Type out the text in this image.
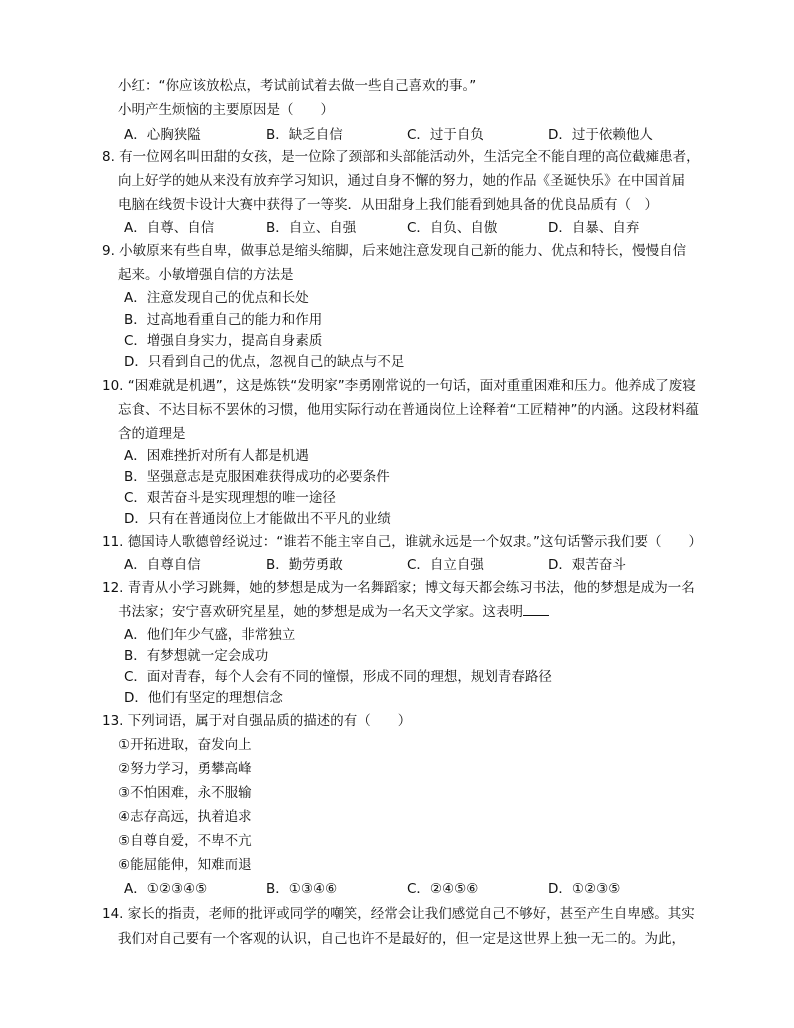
小红：“你应该放松点，考试前试着去做一些自己喜欢的事。”
小明产生烦恼的主要原因是（　　）
A．心胸狭隘	B．缺乏自信	C．过于自负	D．过于依赖他人
8. 有一位网名叫田甜的女孩，是一位除了颈部和头部能活动外，生活完全不能自理的高位截瘫患者，
向上好学的她从来没有放弃学习知识，通过自身不懈的努力，她的作品《圣诞快乐》在中国首届
电脑在线贺卡设计大赛中获得了一等奖．从田甜身上我们能看到她具备的优良品质有（　）
A．自尊、自信	B．自立、自强	C．自负、自傲	D．自暴、自弃
9. 小敏原来有些自卑，做事总是缩头缩脚，后来她注意发现自己新的能力、优点和特长，慢慢自信
起来。小敏增强自信的方法是
A．注意发现自己的优点和长处
B．过高地看重自己的能力和作用
C．增强自身实力，提高自身素质
D．只看到自己的优点，忽视自己的缺点与不足
10. “困难就是机遇”，这是炼铁“发明家”李勇刚常说的一句话，面对重重困难和压力。他养成了废寝
忘食、不达目标不罢休的习惯，他用实际行动在普通岗位上诠释着“工匠精神”的内涵。这段材料蕴
含的道理是
A．困难挫折对所有人都是机遇
B．坚强意志是克服困难获得成功的必要条件
C．艰苦奋斗是实现理想的唯一途径
D．只有在普通岗位上才能做出不平凡的业绩
11. 德国诗人歌德曾经说过：“谁若不能主宰自己，谁就永远是一个奴隶。”这句话警示我们要（　　）
A．自尊自信	B．勤劳勇敢	C．自立自强	D．艰苦奋斗
12. 青青从小学习跳舞，她的梦想是成为一名舞蹈家；博文每天都会练习书法，他的梦想是成为一名
书法家；安宁喜欢研究星星，她的梦想是成为一名天文学家。这表明
A．他们年少气盛，非常独立
B．有梦想就一定会成功
C．面对青春，每个人会有不同的憧憬，形成不同的理想，规划青春路径
D．他们有坚定的理想信念
13. 下列词语，属于对自强品质的描述的有（　　）
①开拓进取，奋发向上
②努力学习，勇攀高峰
③不怕困难，永不服输
④志存高远，执着追求
⑤自尊自爱，不卑不亢
⑥能屈能伸，知难而退
A．①②③④⑤	B．①③④⑥	C．②④⑤⑥	D．①②③⑤
14. 家长的指责，老师的批评或同学的嘲笑，经常会让我们感觉自己不够好，甚至产生自卑感。其实
我们对自己要有一个客观的认识，自己也许不是最好的，但一定是这世界上独一无二的。为此，
